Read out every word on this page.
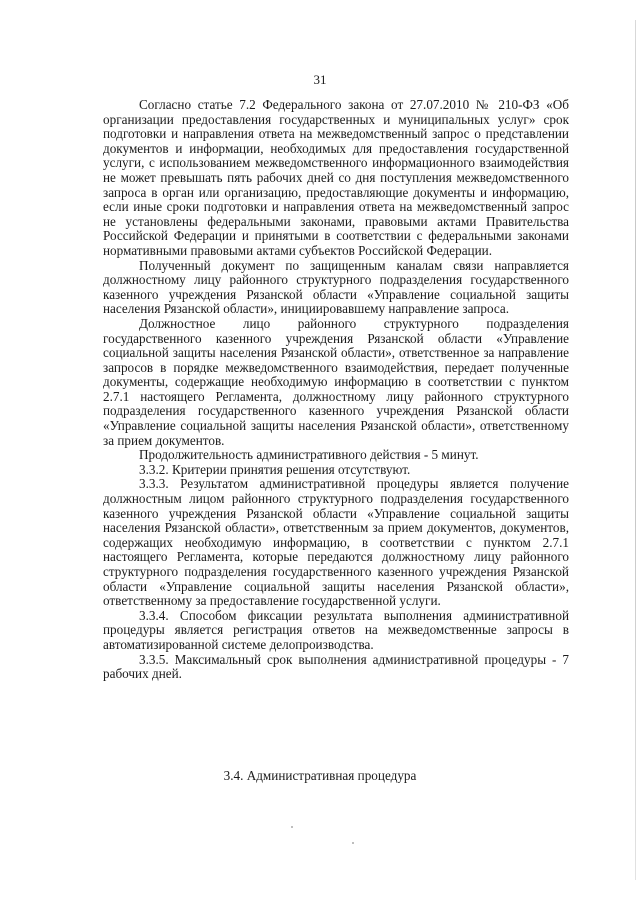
31

Согласно статье 7.2 Федерального закона от 27.07.2010 № 210-ФЗ «Об организации предоставления государственных и муниципальных услуг» срок подготовки и направления ответа на межведомственный запрос о представлении документов и информации, необходимых для предоставления государственной услуги, с использованием межведомственного информационного взаимодействия не может превышать пять рабочих дней со дня поступления межведомственного запроса в орган или организацию, предоставляющие документы и информацию, если иные сроки подготовки и направления ответа на межведомственный запрос не установлены федеральными законами, правовыми актами Правительства Российской Федерации и принятыми в соответствии с федеральными законами нормативными правовыми актами субъектов Российской Федерации.

Полученный документ по защищенным каналам связи направляется должностному лицу районного структурного подразделения государственного казенного учреждения Рязанской области «Управление социальной защиты населения Рязанской области», инициировавшему направление запроса.

Должностное лицо районного структурного подразделения государственного казенного учреждения Рязанской области «Управление социальной защиты населения Рязанской области», ответственное за направление запросов в порядке межведомственного взаимодействия, передает полученные документы, содержащие необходимую информацию в соответствии с пунктом 2.7.1 настоящего Регламента, должностному лицу районного структурного подразделения государственного казенного учреждения Рязанской области «Управление социальной защиты населения Рязанской области», ответственному за прием документов.

Продолжительность административного действия - 5 минут.

3.3.2. Критерии принятия решения отсутствуют.

3.3.3. Результатом административной процедуры является получение должностным лицом районного структурного подразделения государственного казенного учреждения Рязанской области «Управление социальной защиты населения Рязанской области», ответственным за прием документов, документов, содержащих необходимую информацию, в соответствии с пунктом 2.7.1 настоящего Регламента, которые передаются должностному лицу районного структурного подразделения государственного казенного учреждения Рязанской области «Управление социальной защиты населения Рязанской области», ответственному за предоставление государственной услуги.

3.3.4. Способом фиксации результата выполнения административной процедуры является регистрация ответов на межведомственные запросы в автоматизированной системе делопроизводства.

3.3.5. Максимальный срок выполнения административной процедуры - 7 рабочих дней.

3.4. Административная процедура
